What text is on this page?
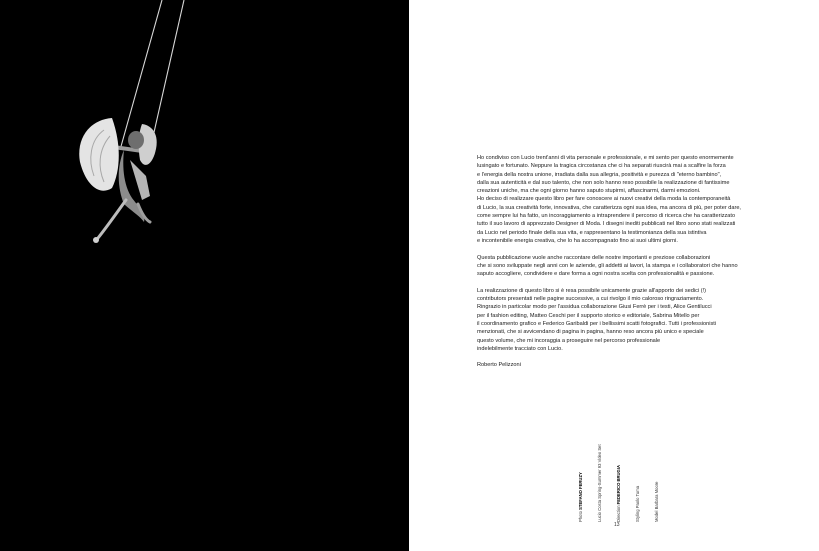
Ho condiviso con Lucio trent'anni di vita personale e professionale, e mi sento per questo enormemente
lusingato e fortunato. Neppure la tragica circostanza che ci ha separati riuscirà mai a scalfire la forza
e l'energia della nostra unione, irradiata dalla sua allegria, positività e purezza di "eterno bambino",
dalla sua autenticità e dal suo talento, che non solo hanno reso possibile la realizzazione di fantissime
creazioni uniche, ma che ogni giorno hanno saputo stupirmi, affascinarmi, darmi emozioni.
Ho deciso di realizzare questo libro per fare conoscere ai nuovi creativi della moda la contemporaneità
di Lucio, la sua creatività forte, innovativa, che caratterizza ogni sua idea, ma ancora di più, per poter dare,
come sempre lui ha fatto, un incoraggiamento a intraprendere il percorso di ricerca che ha caratterizzato
tutto il suo lavoro di apprezzato Designer di Moda. I disegni inediti pubblicati nel libro sono stati realizzati
da Lucio nel periodo finale della sua vita, e rappresentano la testimonianza della sua istintiva
e incontenibile energia creativa, che lo ha accompagnato fino ai suoi ultimi giorni.
Questa pubblicazione vuole anche raccontare delle nostre importanti e preziose collaborazioni
che si sono sviluppate negli anni con le aziende, gli addetti ai lavori, la stampa e i collaboratori che hanno
saputo accogliere, condividere e dare forma a ogni nostra scelta con professionalità e passione.
La realizzazione di questo libro si è resa possibile unicamente grazie all'apporto dei sedici (!)
contributors presentati nelle pagine successive, a cui rivolgo il mio caloroso ringraziamento.
Ringrazio in particolar modo per l'assidua collaborazione Giusi Ferrè per i testi, Alice Gentilucci
per il fashion editing, Matteo Ceschi per il supporto storico e editoriale, Sabrina Mitello per
il coordinamento grafico e Federico Garibaldi per i bellissimi scatti fotografici. Tutti i professionisti
menzionati, che si avvicendano di pagina in pagina, hanno reso ancora più unico e speciale
questo volume, che mi incoraggia a proseguire nel percorso professionale
indelebilmente tracciato con Lucio.

Roberto Pelizzoni

Photo STEFANO FERUZY	Lucio Costa Spring-Summer 93 Video Set	Direction FEDERICO BRUGIA	Styling Paolo Tuma	Model Barbara Moore
13
